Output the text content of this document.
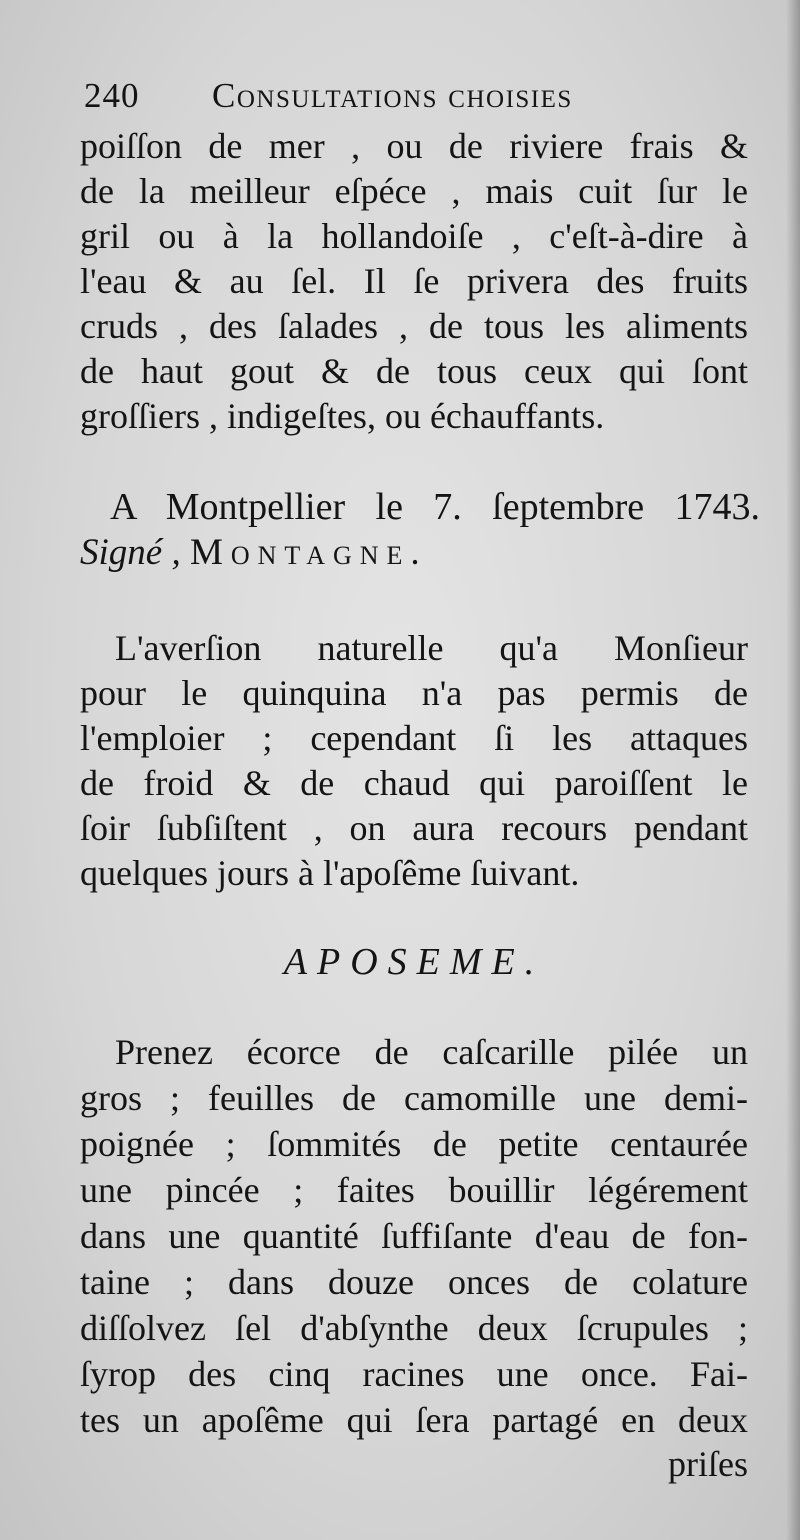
240 Consultations choisies
poiſſon de mer , ou de riviere frais &
de la meilleur eſpéce , mais cuit ſur le
gril ou à la hollandoiſe , c'eſt-à-dire à
l'eau & au ſel. Il ſe privera des fruits
cruds , des ſalades , de tous les aliments
de haut gout & de tous ceux qui ſont
groſſiers , indigeſtes, ou échauffants.
A Montpellier le 7. ſeptembre 1743.
Signé , Montagne.
L'averſion naturelle qu'a Monſieur
pour le quinquina n'a pas permis de
l'emploier ; cependant ſi les attaques
de froid & de chaud qui paroiſſent le
ſoir ſubſiſtent , on aura recours pendant
quelques jours à l'apoſême ſuivant.
APOSEME.
Prenez écorce de caſcarille pilée un
gros ; feuilles de camomille une demi-
poignée ; ſommités de petite centaurée
une pincée ; faites bouillir légérement
dans une quantité ſuffiſante d'eau de fon-
taine ; dans douze onces de colature
diſſolvez ſel d'abſynthe deux ſcrupules ;
ſyrop des cinq racines une once. Fai-
tes un apoſême qui ſera partagé en deux
priſes
